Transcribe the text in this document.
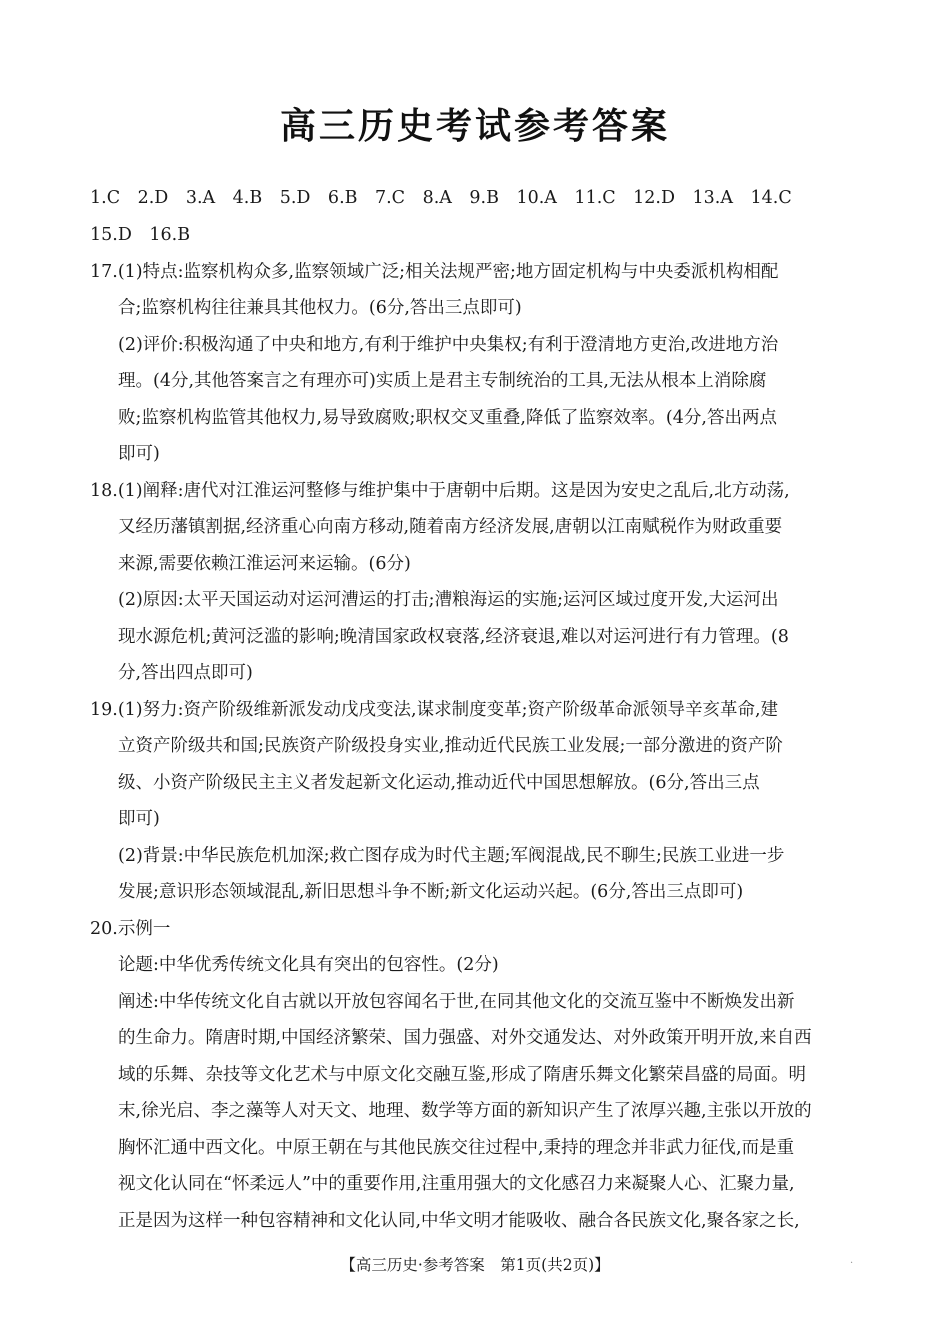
高三历史考试参考答案
1.C　2.D　3.A　4.B　5.D　6.B　7.C　8.A　9.B　10.A　11.C　12.D　13.A　14.C
15.D　16.B
17.(1)特点:监察机构众多,监察领域广泛;相关法规严密;地方固定机构与中央委派机构相配
合;监察机构往往兼具其他权力。(6分,答出三点即可)
(2)评价:积极沟通了中央和地方,有利于维护中央集权;有利于澄清地方吏治,改进地方治
理。(4分,其他答案言之有理亦可)实质上是君主专制统治的工具,无法从根本上消除腐
败;监察机构监管其他权力,易导致腐败;职权交叉重叠,降低了监察效率。(4分,答出两点
即可)
18.(1)阐释:唐代对江淮运河整修与维护集中于唐朝中后期。这是因为安史之乱后,北方动荡,
又经历藩镇割据,经济重心向南方移动,随着南方经济发展,唐朝以江南赋税作为财政重要
来源,需要依赖江淮运河来运输。(6分)
(2)原因:太平天国运动对运河漕运的打击;漕粮海运的实施;运河区域过度开发,大运河出
现水源危机;黄河泛滥的影响;晚清国家政权衰落,经济衰退,难以对运河进行有力管理。(8
分,答出四点即可)
19.(1)努力:资产阶级维新派发动戊戌变法,谋求制度变革;资产阶级革命派领导辛亥革命,建
立资产阶级共和国;民族资产阶级投身实业,推动近代民族工业发展;一部分激进的资产阶
级、小资产阶级民主主义者发起新文化运动,推动近代中国思想解放。(6分,答出三点
即可)
(2)背景:中华民族危机加深;救亡图存成为时代主题;军阀混战,民不聊生;民族工业进一步
发展;意识形态领域混乱,新旧思想斗争不断;新文化运动兴起。(6分,答出三点即可)
20.示例一
论题:中华优秀传统文化具有突出的包容性。(2分)
阐述:中华传统文化自古就以开放包容闻名于世,在同其他文化的交流互鉴中不断焕发出新
的生命力。隋唐时期,中国经济繁荣、国力强盛、对外交通发达、对外政策开明开放,来自西
域的乐舞、杂技等文化艺术与中原文化交融互鉴,形成了隋唐乐舞文化繁荣昌盛的局面。明
末,徐光启、李之藻等人对天文、地理、数学等方面的新知识产生了浓厚兴趣,主张以开放的
胸怀汇通中西文化。中原王朝在与其他民族交往过程中,秉持的理念并非武力征伐,而是重
视文化认同在“怀柔远人”中的重要作用,注重用强大的文化感召力来凝聚人心、汇聚力量,
正是因为这样一种包容精神和文化认同,中华文明才能吸收、融合各民族文化,聚各家之长,
【高三历史·参考答案　第1页(共2页)】	·
